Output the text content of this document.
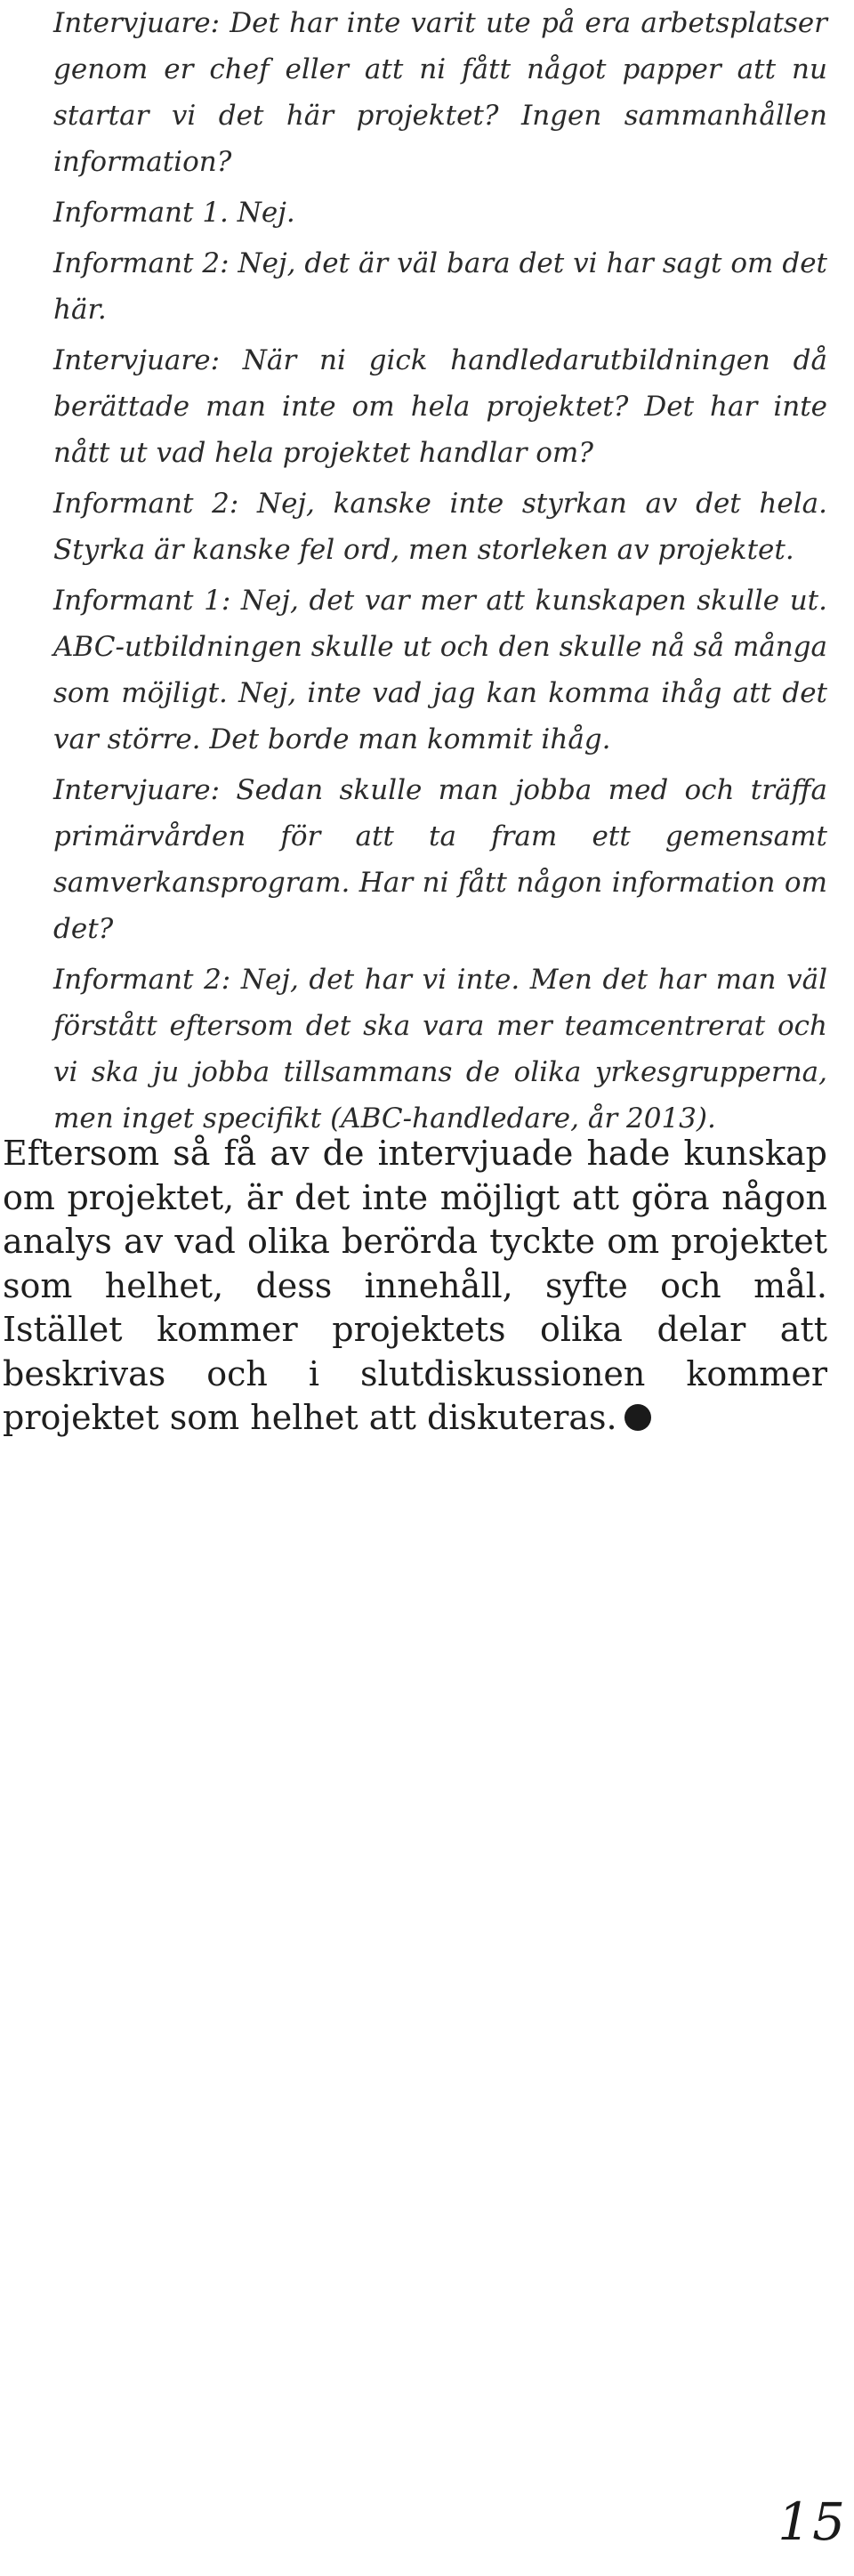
Intervjuare: Det har inte varit ute på era arbetsplatser genom er chef eller att ni fått något papper att nu startar vi det här projektet? Ingen sammanhållen information?

Informant 1. Nej.

Informant 2: Nej, det är väl bara det vi har sagt om det här.

Intervjuare: När ni gick handledarutbildningen då berättade man inte om hela projektet? Det har inte nått ut vad hela projektet handlar om?

Informant 2: Nej, kanske inte styrkan av det hela. Styrka är kanske fel ord, men storleken av projektet.

Informant 1: Nej, det var mer att kunskapen skulle ut. ABC-utbildningen skulle ut och den skulle nå så många som möjligt. Nej, inte vad jag kan komma ihåg att det var större. Det borde man kommit ihåg.

Intervjuare: Sedan skulle man jobba med och träffa primärvården för att ta fram ett gemensamt samverkansprogram. Har ni fått någon information om det?

Informant 2: Nej, det har vi inte. Men det har man väl förstått eftersom det ska vara mer teamcentrerat och vi ska ju jobba tillsammans de olika yrkesgrupperna, men inget specifikt (ABC-handledare, år 2013).

Eftersom så få av de intervjuade hade kunskap om projektet, är det inte möjligt att göra någon analys av vad olika berörda tyckte om projektet som helhet, dess innehåll, syfte och mål. Istället kommer projektets olika delar att beskrivas och i slutdiskussionen kommer projektet som helhet att diskuteras.

15
